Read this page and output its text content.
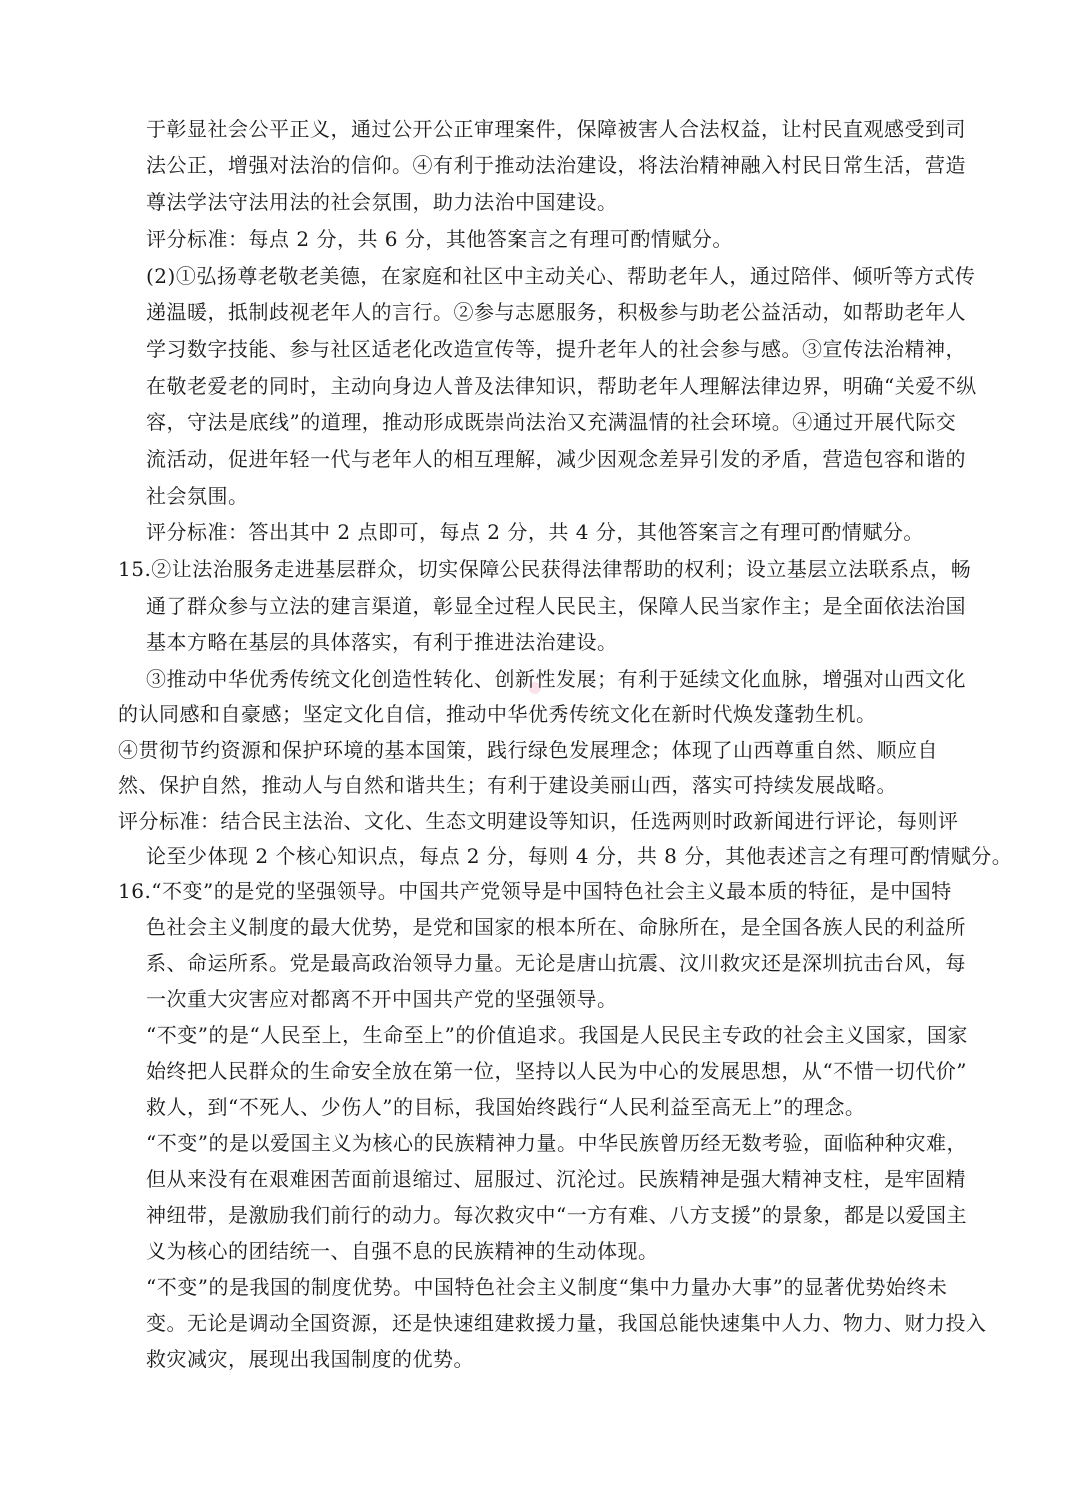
于彰显社会公平正义，通过公开公正审理案件，保障被害人合法权益，让村民直观感受到司
法公正，增强对法治的信仰。④有利于推动法治建设，将法治精神融入村民日常生活，营造
尊法学法守法用法的社会氛围，助力法治中国建设。
评分标准：每点 2 分，共 6 分，其他答案言之有理可酌情赋分。
(2)①弘扬尊老敬老美德，在家庭和社区中主动关心、帮助老年人，通过陪伴、倾听等方式传
递温暖，抵制歧视老年人的言行。②参与志愿服务，积极参与助老公益活动，如帮助老年人
学习数字技能、参与社区适老化改造宣传等，提升老年人的社会参与感。③宣传法治精神，
在敬老爱老的同时，主动向身边人普及法律知识，帮助老年人理解法律边界，明确“关爱不纵
容，守法是底线”的道理，推动形成既崇尚法治又充满温情的社会环境。④通过开展代际交
流活动，促进年轻一代与老年人的相互理解，减少因观念差异引发的矛盾，营造包容和谐的
社会氛围。
评分标准：答出其中 2 点即可，每点 2 分，共 4 分，其他答案言之有理可酌情赋分。
15.②让法治服务走进基层群众，切实保障公民获得法律帮助的权利；设立基层立法联系点，畅
通了群众参与立法的建言渠道，彰显全过程人民民主，保障人民当家作主；是全面依法治国
基本方略在基层的具体落实，有利于推进法治建设。
③推动中华优秀传统文化创造性转化、创新性发展；有利于延续文化血脉，增强对山西文化
的认同感和自豪感；坚定文化自信，推动中华优秀传统文化在新时代焕发蓬勃生机。
④贯彻节约资源和保护环境的基本国策，践行绿色发展理念；体现了山西尊重自然、顺应自
然、保护自然，推动人与自然和谐共生；有利于建设美丽山西，落实可持续发展战略。
评分标准：结合民主法治、文化、生态文明建设等知识，任选两则时政新闻进行评论，每则评
论至少体现 2 个核心知识点，每点 2 分，每则 4 分，共 8 分，其他表述言之有理可酌情赋分。
16.“不变”的是党的坚强领导。中国共产党领导是中国特色社会主义最本质的特征，是中国特
色社会主义制度的最大优势，是党和国家的根本所在、命脉所在，是全国各族人民的利益所
系、命运所系。党是最高政治领导力量。无论是唐山抗震、汶川救灾还是深圳抗击台风，每
一次重大灾害应对都离不开中国共产党的坚强领导。
“不变”的是“人民至上，生命至上”的价值追求。我国是人民民主专政的社会主义国家，国家
始终把人民群众的生命安全放在第一位，坚持以人民为中心的发展思想，从“不惜一切代价”
救人，到“不死人、少伤人”的目标，我国始终践行“人民利益至高无上”的理念。
“不变”的是以爱国主义为核心的民族精神力量。中华民族曾历经无数考验，面临种种灾难，
但从来没有在艰难困苦面前退缩过、屈服过、沉沦过。民族精神是强大精神支柱，是牢固精
神纽带，是激励我们前行的动力。每次救灾中“一方有难、八方支援”的景象，都是以爱国主
义为核心的团结统一、自强不息的民族精神的生动体现。
“不变”的是我国的制度优势。中国特色社会主义制度“集中力量办大事”的显著优势始终未
变。无论是调动全国资源，还是快速组建救援力量，我国总能快速集中人力、物力、财力投入
救灾减灾，展现出我国制度的优势。
